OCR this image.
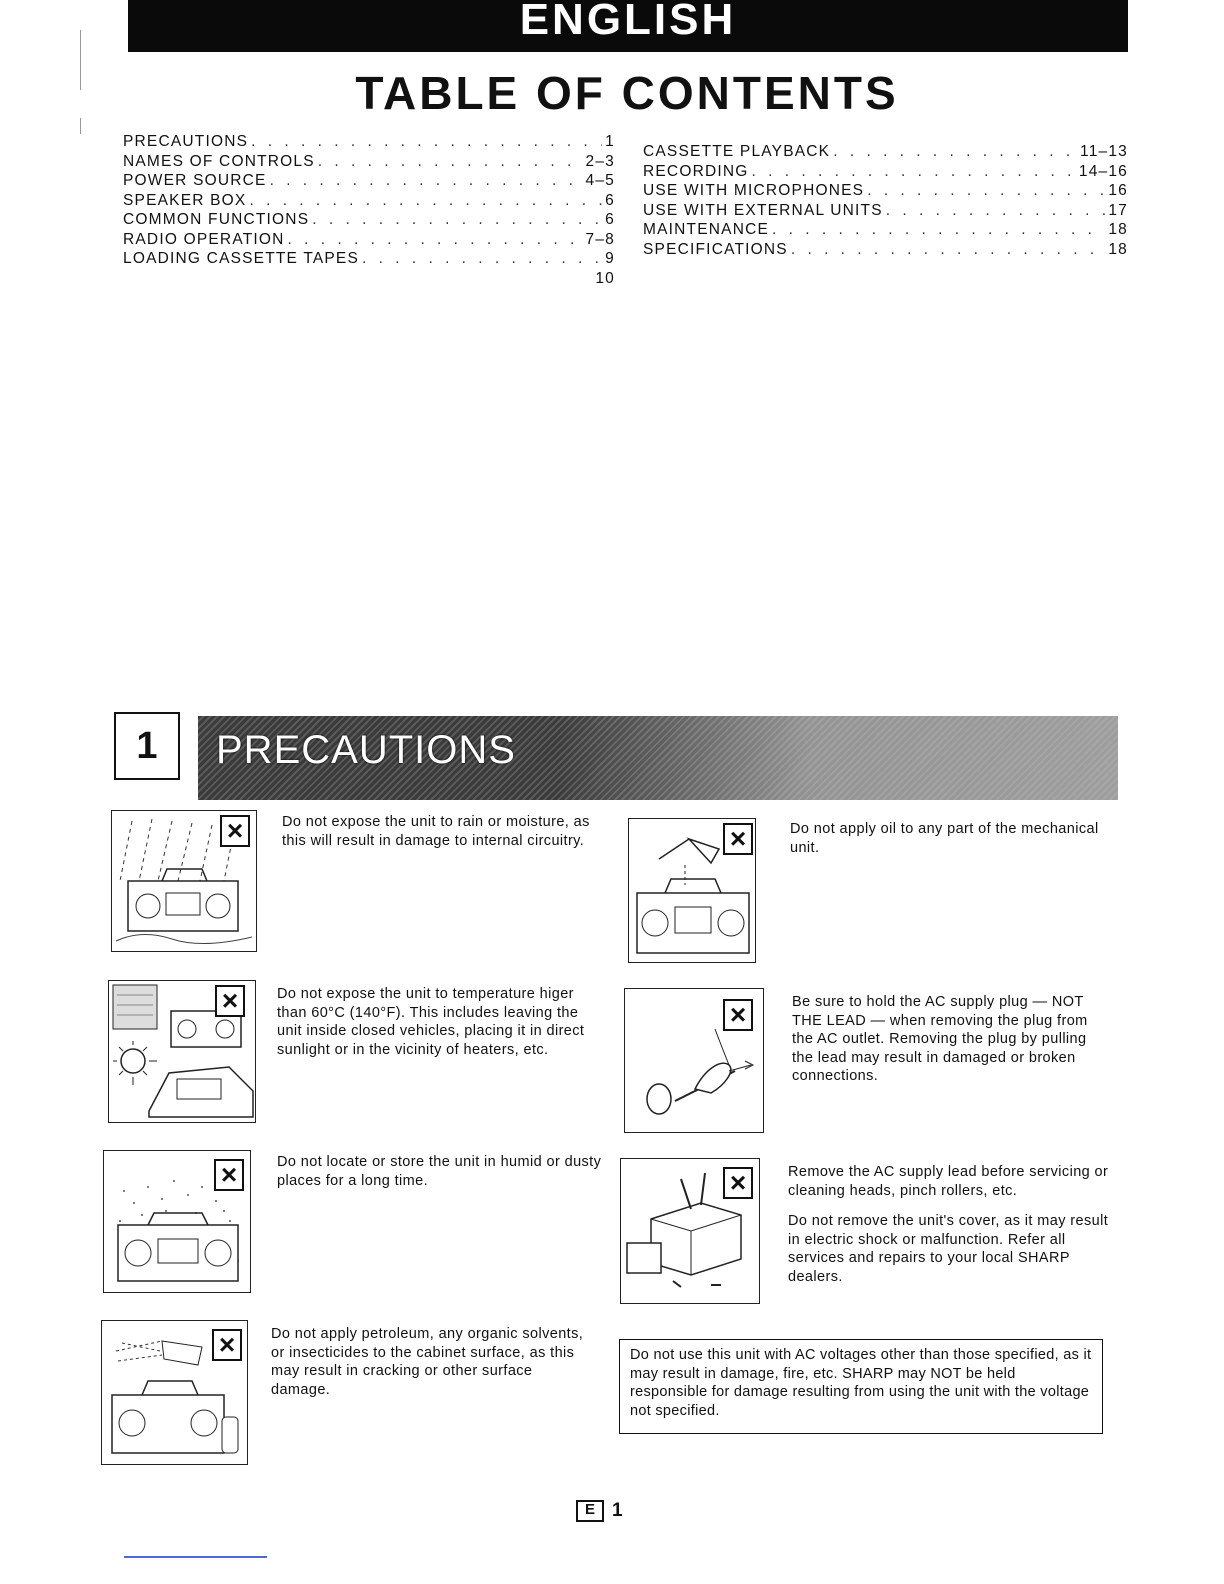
ENGLISH
TABLE OF CONTENTS
PRECAUTIONS . . .	1
NAMES OF CONTROLS . . .	2–3
POWER SOURCE . . .	4–5
SPEAKER BOX . . .	6
COMMON FUNCTIONS . . .	6
RADIO OPERATION . . .	7–8
LOADING CASSETTE TAPES . . .	9
10
CASSETTE PLAYBACK . . .	11–13
RECORDING . . .	14–16
USE WITH MICROPHONES . . .	16
USE WITH EXTERNAL UNITS . . .	17
MAINTENANCE . . .	18
SPECIFICATIONS . . .	18
1	PRECAUTIONS
×	Do not expose the unit to rain or moisture, as this will result in damage to internal circuitry.	×	Do not apply oil to any part of the mechanical unit.
×	Do not expose the unit to temperature higer than 60°C (140°F). This includes leaving the unit inside closed vehicles, placing it in direct sunlight or in the vicinity of heaters, etc.
×	Be sure to hold the AC supply plug — NOT THE LEAD — when removing the plug from the AC outlet. Removing the plug by pulling the lead may result in damaged or broken connections.
×	Do not locate or store the unit in humid or dusty places for a long time.	×	Remove the AC supply lead before servicing or cleaning heads, pinch rollers, etc.

Do not remove the unit's cover, as it may result in electric shock or malfunction. Refer all services and repairs to your local SHARP dealers.

×	Do not apply petroleum, any organic solvents, or insecticides to the cabinet surface, as this may result in cracking or other surface damage.
Do not use this unit with AC voltages other than those specified, as it may result in damage, fire, etc. SHARP may NOT be held responsible for damage resulting from using the unit with the voltage not specified.
E 1
